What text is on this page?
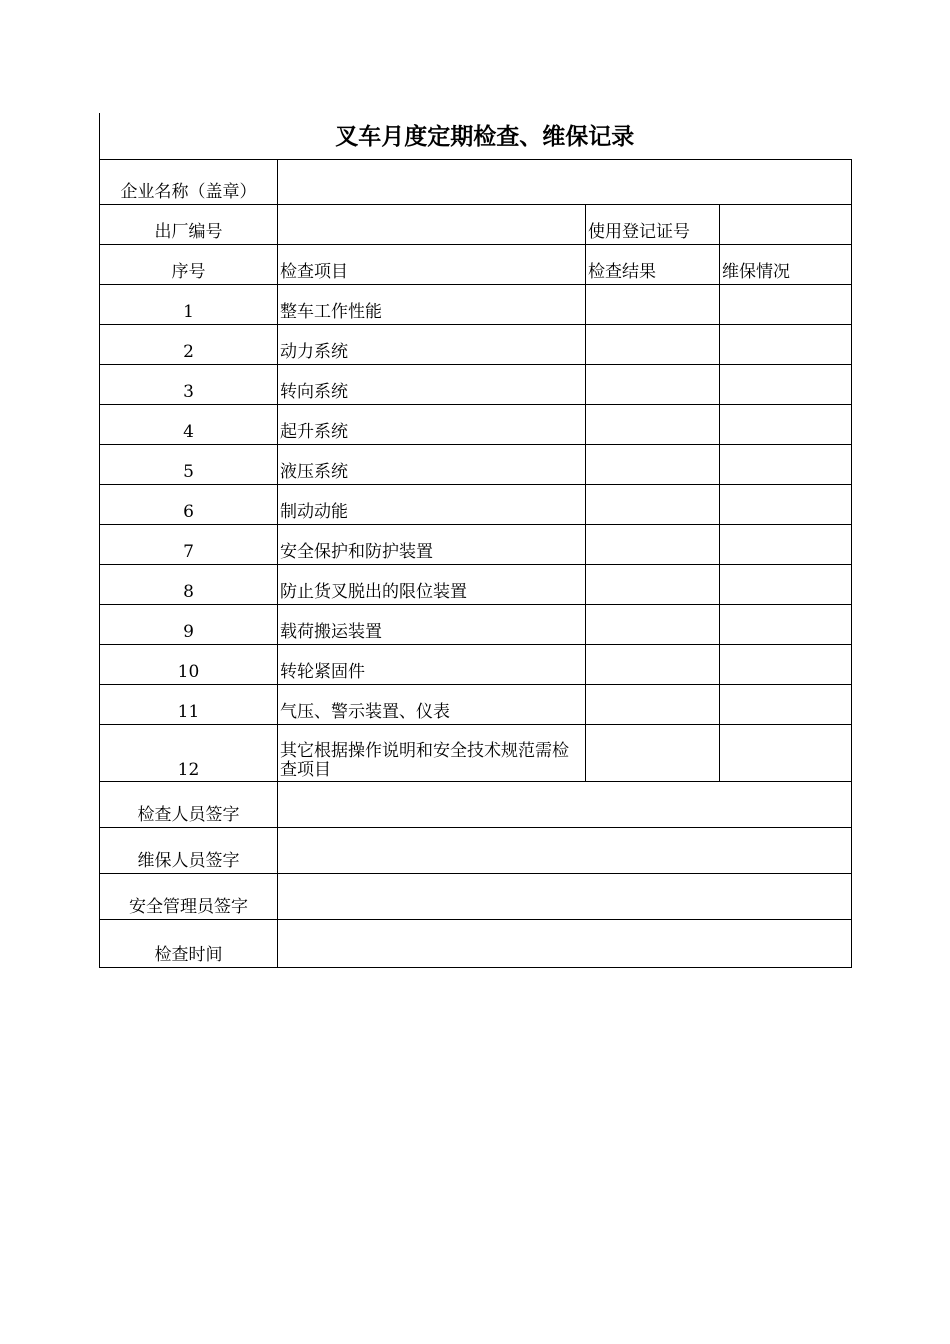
叉车月度定期检查、维保记录			
企业名称（盖章）			
出厂编号		使用登记证号	
序号	检查项目	检查结果	维保情况
1	整车工作性能		
2	动力系统		
3	转向系统		
4	起升系统		
5	液压系统		
6	制动动能		
7	安全保护和防护装置		
8	防止货叉脱出的限位装置		
9	载荷搬运装置		
10	转轮紧固件		
11	气压、警示装置、仪表		
12	其它根据操作说明和安全技术规范需检查项目		
检查人员签字			
维保人员签字			
安全管理员签字			
检查时间			
